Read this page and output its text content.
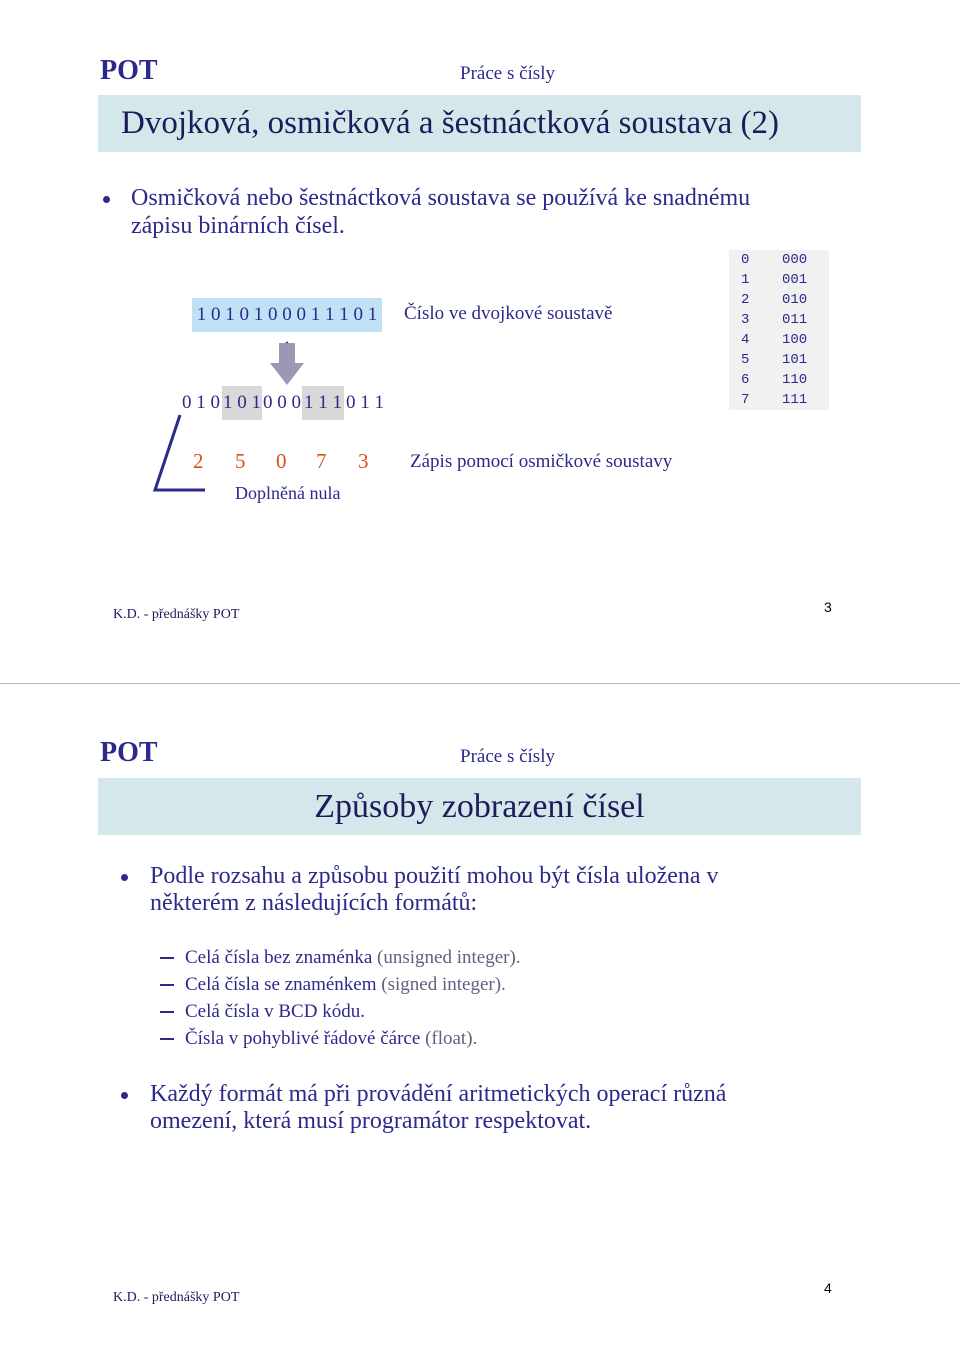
POT	Práce s čísly
Dvojková, osmičková a šestnáctková soustava (2)
Osmičková nebo šestnáctková soustava se používá ke snadnému
zápisu binárních čísel.
1 0 1 0 1 0 0 0 1 1 1 0 1 Číslo ve dvojkové soustavě
0 1 0 1 0 1 0 0 0 1 1 1 0 1 1
2 5 0 7 3 Zápis pomocí osmičkové soustavy
Doplněná nula
0 000
1 001
2 010
3 011
4 100
5 101
6 110
7 111
K.D. - přednášky POT	3
POT	Práce s čísly
Způsoby zobrazení čísel
Podle rozsahu a způsobu použití mohou být čísla uložena v
některém z následujících formátů:
Celá čísla bez znaménka (unsigned integer).
Celá čísla se znaménkem (signed integer).
Celá čísla v BCD kódu.
Čísla v pohyblivé řádové čárce (float).
Každý formát má při provádění aritmetických operací různá
omezení, která musí programátor respektovat.
K.D. - přednášky POT
4
